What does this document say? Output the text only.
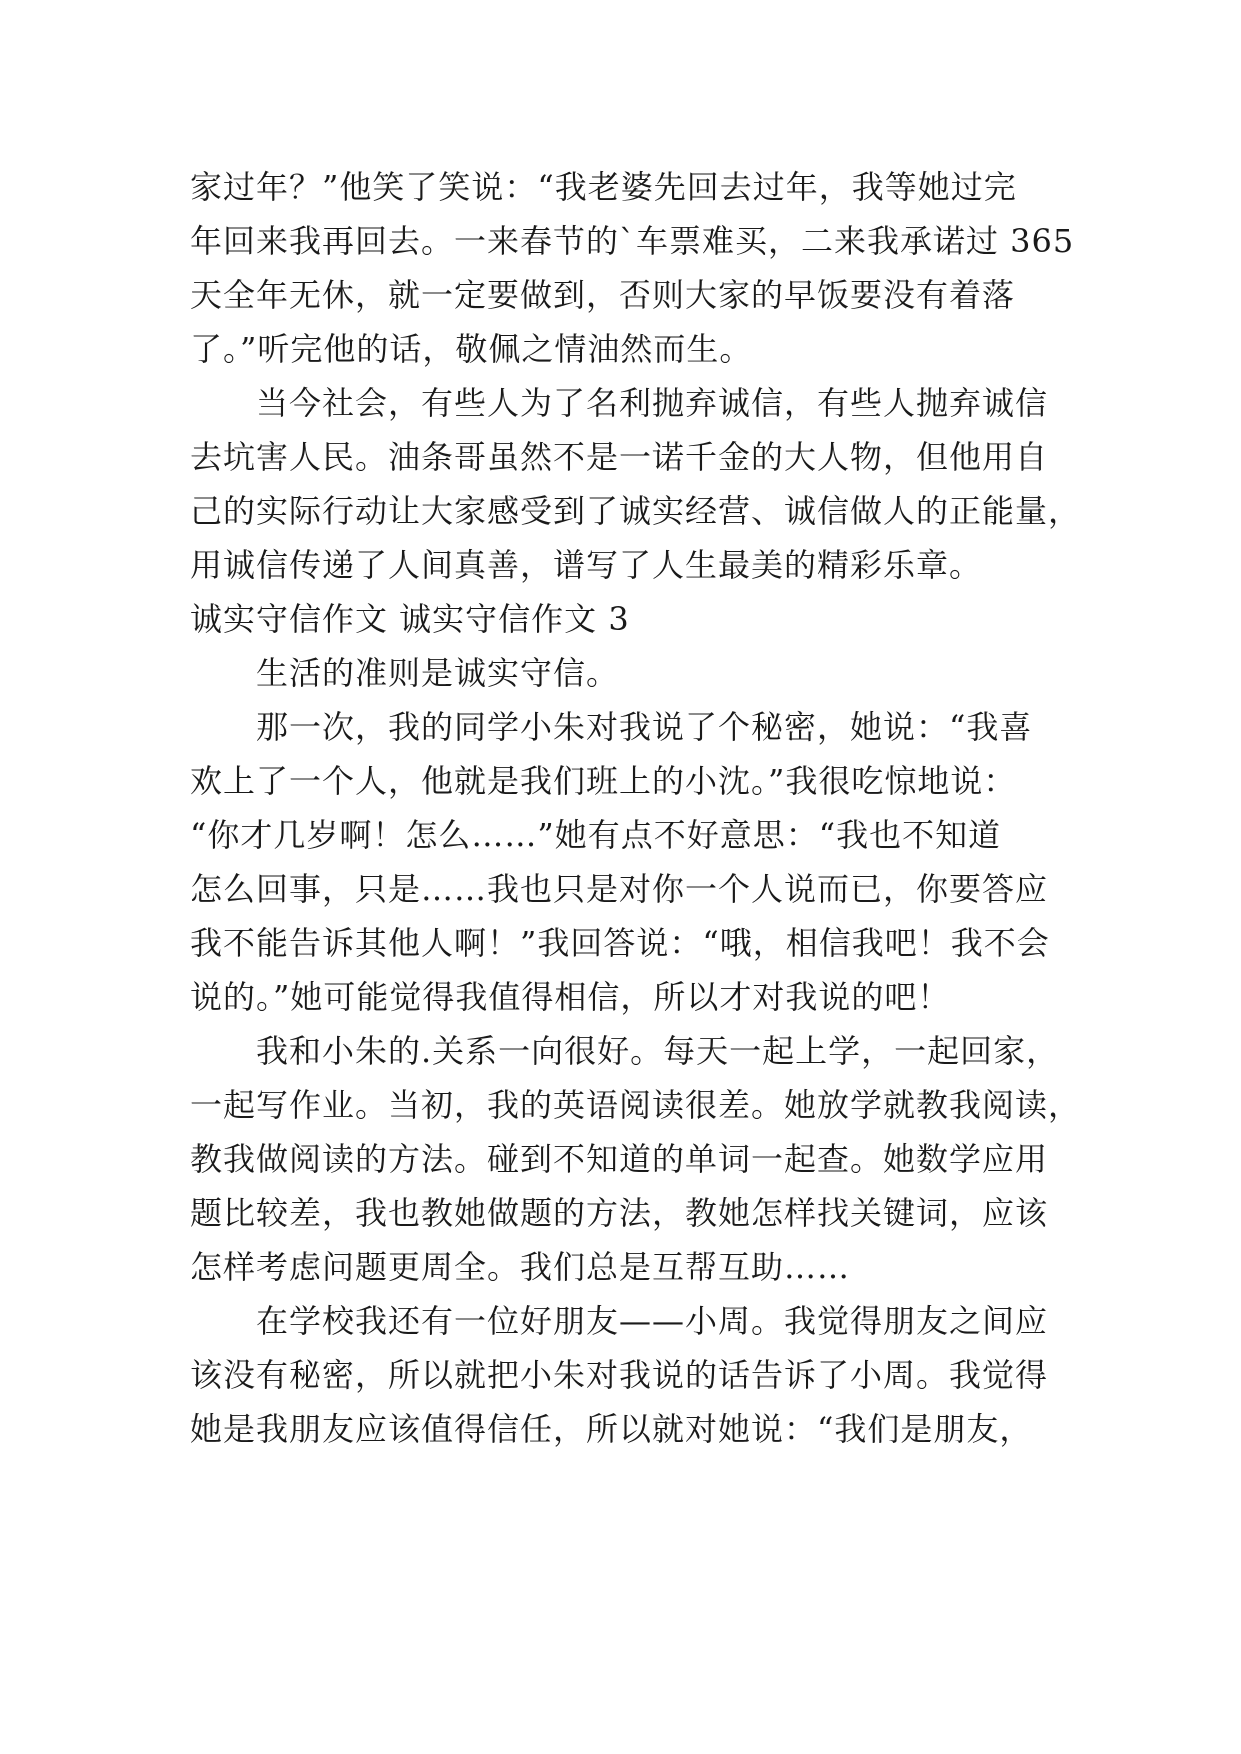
家过年？”他笑了笑说：“我老婆先回去过年，我等她过完
年回来我再回去。一来春节的`车票难买，二来我承诺过 365
天全年无休，就一定要做到，否则大家的早饭要没有着落
了。”听完他的话，敬佩之情油然而生。
　　当今社会，有些人为了名利抛弃诚信，有些人抛弃诚信
去坑害人民。油条哥虽然不是一诺千金的大人物，但他用自
己的实际行动让大家感受到了诚实经营、诚信做人的正能量，
用诚信传递了人间真善，谱写了人生最美的精彩乐章。
诚实守信作文 诚实守信作文 3
　　生活的准则是诚实守信。
　　那一次，我的同学小朱对我说了个秘密，她说：“我喜
欢上了一个人，他就是我们班上的小沈。”我很吃惊地说：
“你才几岁啊！怎么……”她有点不好意思：“我也不知道
怎么回事，只是……我也只是对你一个人说而已，你要答应
我不能告诉其他人啊！”我回答说：“哦，相信我吧！我不会
说的。”她可能觉得我值得相信，所以才对我说的吧！
　　我和小朱的.关系一向很好。每天一起上学，一起回家，
一起写作业。当初，我的英语阅读很差。她放学就教我阅读，
教我做阅读的方法。碰到不知道的单词一起查。她数学应用
题比较差，我也教她做题的方法，教她怎样找关键词，应该
怎样考虑问题更周全。我们总是互帮互助……
　　在学校我还有一位好朋友——小周。我觉得朋友之间应
该没有秘密，所以就把小朱对我说的话告诉了小周。我觉得
她是我朋友应该值得信任，所以就对她说：“我们是朋友，
